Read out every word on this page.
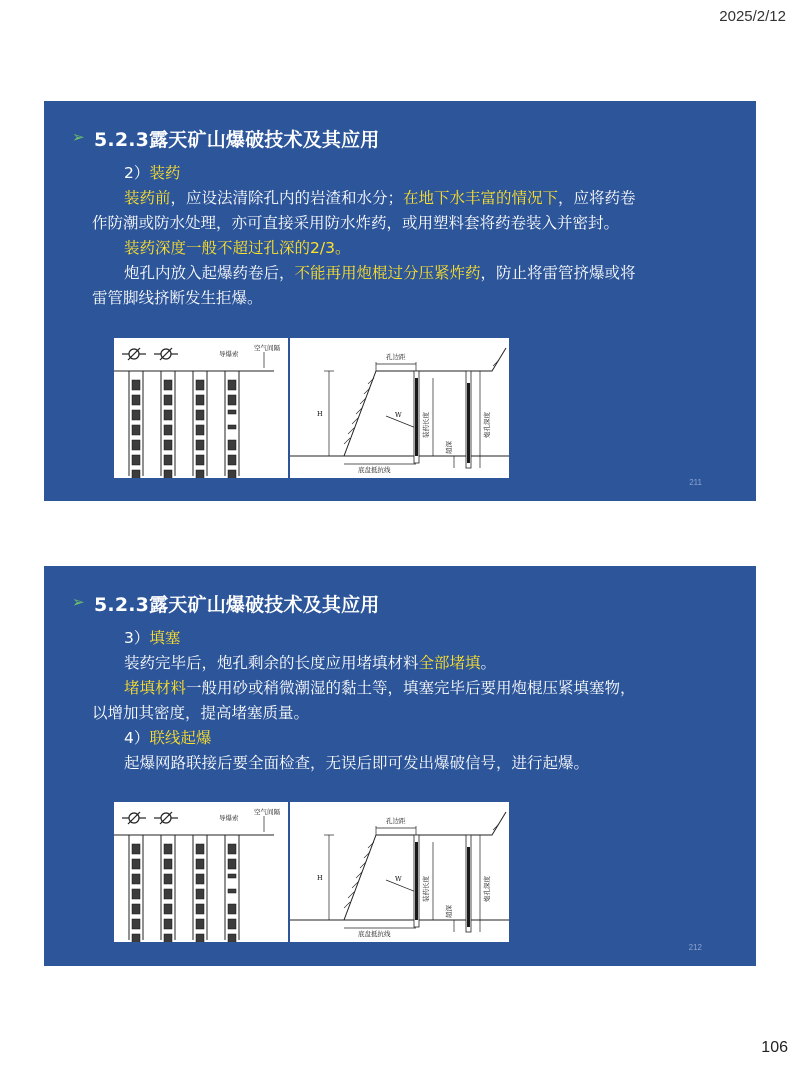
2025/2/12
➢ 5.2.3露天矿山爆破技术及其应用

2）装药

装药前，应设法清除孔内的岩渣和水分；在地下水丰富的情况下，应将药卷作防潮或防水处理，亦可直接采用防水炸药，或用塑料套将药卷装入并密封。

装药深度一般不超过孔深的2/3。

炮孔内放入起爆药卷后，不能再用炮棍过分压紧炸药，防止将雷管挤爆或将雷管脚线挤断发生拒爆。

导爆索
空气间隔
孔边距
H	W
底盘抵抗线
装药长度
超深
炮孔深度
211
➢ 5.2.3露天矿山爆破技术及其应用

3）填塞

装药完毕后，炮孔剩余的长度应用堵填材料全部堵填。

堵填材料一般用砂或稍微潮湿的黏土等，填塞完毕后要用炮棍压紧填塞物，以增加其密度，提高堵塞质量。

4）联线起爆

起爆网路联接后要全面检查，无误后即可发出爆破信号，进行起爆。

导爆索
空气间隔
孔边距
H	W
底盘抵抗线
装药长度
超深
炮孔深度
212
106
